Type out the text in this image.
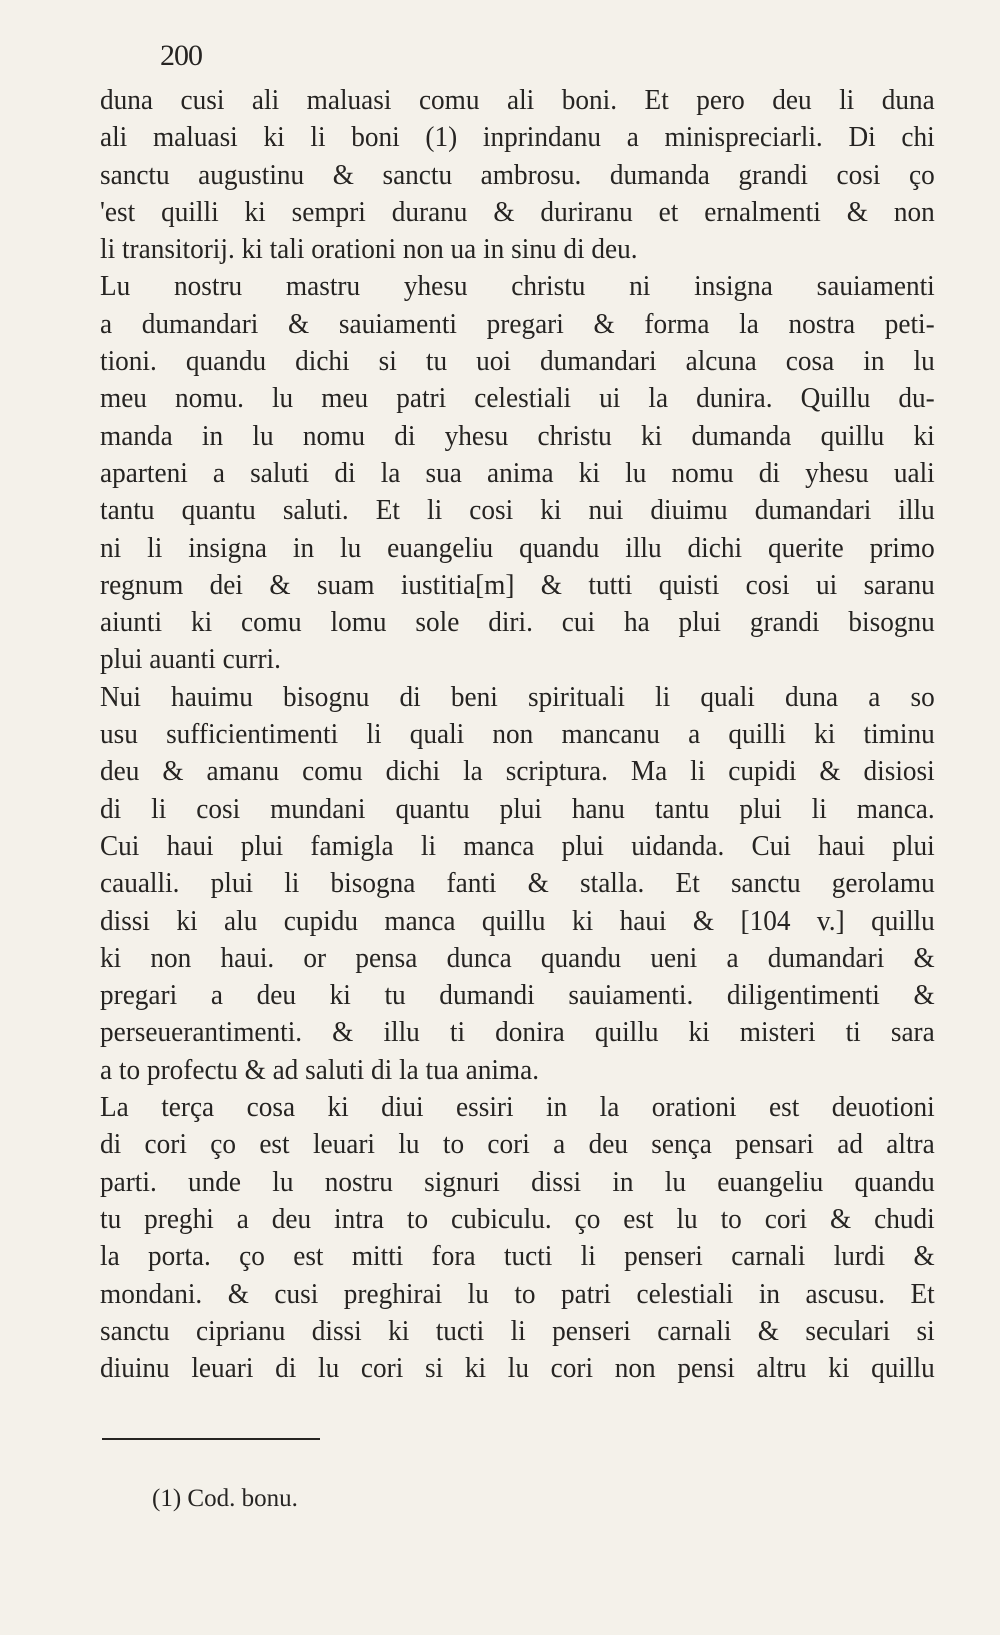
200
duna cusi ali maluasi comu ali boni. Et pero deu li duna
ali maluasi ki li boni (1) inprindanu a minispreciarli. Di chi
sanctu augustinu & sanctu ambrosu. dumanda grandi cosi ço
'est quilli ki sempri duranu & duriranu et ernalmenti & non
li transitorij. ki tali orationi non ua in sinu di deu.
Lu nostru mastru yhesu christu ni insigna sauiamenti
a dumandari & sauiamenti pregari & forma la nostra peti-
tioni. quandu dichi si tu uoi dumandari alcuna cosa in lu
meu nomu. lu meu patri celestiali ui la dunira. Quillu du-
manda in lu nomu di yhesu christu ki dumanda quillu ki
aparteni a saluti di la sua anima ki lu nomu di yhesu uali
tantu quantu saluti. Et li cosi ki nui diuimu dumandari illu
ni li insigna in lu euangeliu quandu illu dichi querite primo
regnum dei & suam iustitia[m] & tutti quisti cosi ui saranu
aiunti ki comu lomu sole diri. cui ha plui grandi bisognu
plui auanti curri.
Nui hauimu bisognu di beni spirituali li quali duna a so
usu sufficientimenti li quali non mancanu a quilli ki timinu
deu & amanu comu dichi la scriptura. Ma li cupidi & disiosi
di li cosi mundani quantu plui hanu tantu plui li manca.
Cui haui plui famigla li manca plui uidanda. Cui haui plui
caualli. plui li bisogna fanti & stalla. Et sanctu gerolamu
dissi ki alu cupidu manca quillu ki haui & [104 v.] quillu
ki non haui. or pensa dunca quandu ueni a dumandari &
pregari a deu ki tu dumandi sauiamenti. diligentimenti &
perseuerantimenti. & illu ti donira quillu ki misteri ti sara
a to profectu & ad saluti di la tua anima.
La terça cosa ki diui essiri in la orationi est deuotioni
di cori ço est leuari lu to cori a deu sença pensari ad altra
parti. unde lu nostru signuri dissi in lu euangeliu quandu
tu preghi a deu intra to cubiculu. ço est lu to cori & chudi
la porta. ço est mitti fora tucti li penseri carnali lurdi &
mondani. & cusi preghirai lu to patri celestiali in ascusu. Et
sanctu ciprianu dissi ki tucti li penseri carnali & seculari si
diuinu leuari di lu cori si ki lu cori non pensi altru ki quillu
(1) Cod. bonu.
